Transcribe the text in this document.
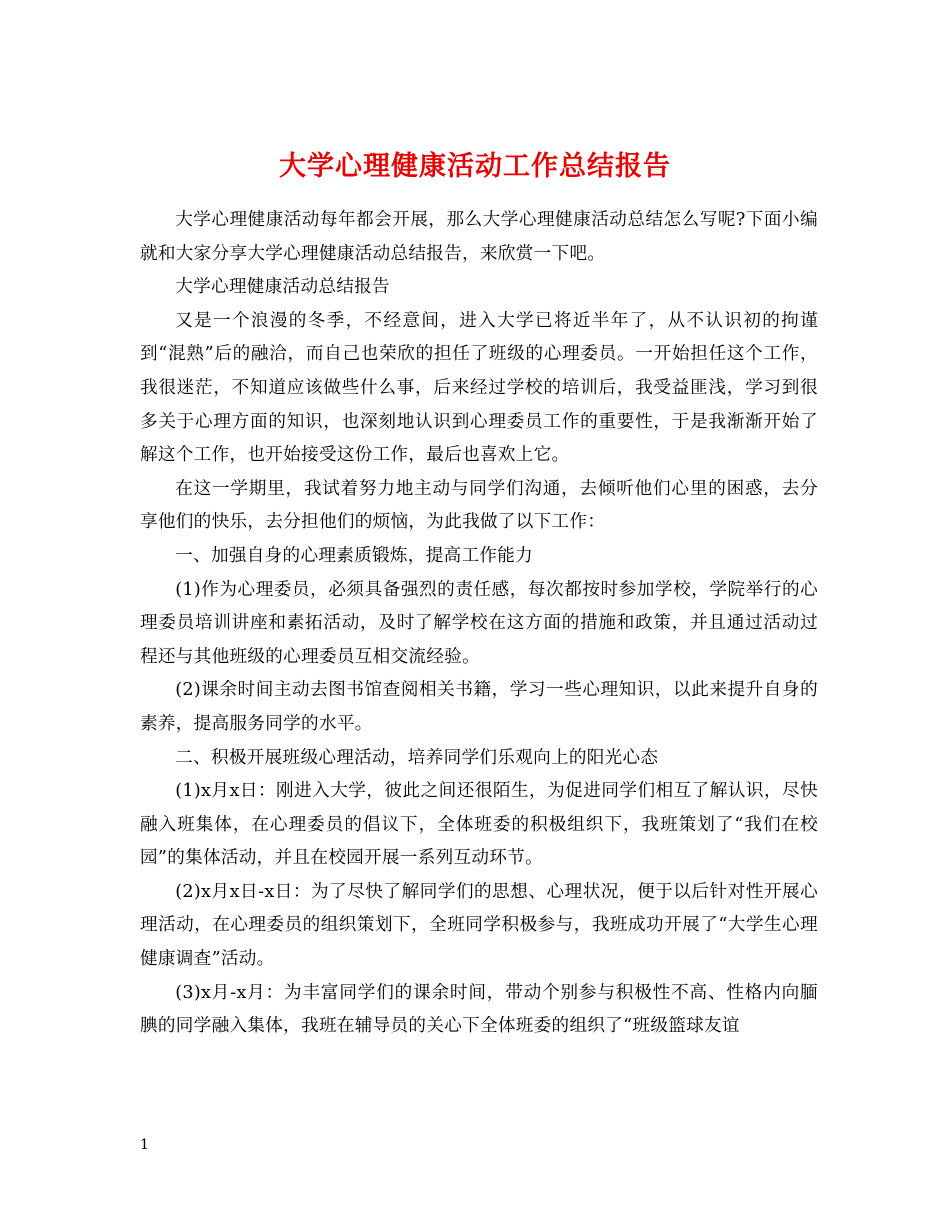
大学心理健康活动工作总结报告

大学心理健康活动每年都会开展，那么大学心理健康活动总结怎么写呢?下面小编就和大家分享大学心理健康活动总结报告，来欣赏一下吧。

大学心理健康活动总结报告

又是一个浪漫的冬季，不经意间，进入大学已将近半年了，从不认识初的拘谨到“混熟”后的融洽，而自己也荣欣的担任了班级的心理委员。一开始担任这个工作，我很迷茫，不知道应该做些什么事，后来经过学校的培训后，我受益匪浅，学习到很多关于心理方面的知识，也深刻地认识到心理委员工作的重要性，于是我渐渐开始了解这个工作，也开始接受这份工作，最后也喜欢上它。

在这一学期里，我试着努力地主动与同学们沟通，去倾听他们心里的困惑，去分享他们的快乐，去分担他们的烦恼，为此我做了以下工作：

一、加强自身的心理素质锻炼，提高工作能力

(1)作为心理委员，必须具备强烈的责任感，每次都按时参加学校，学院举行的心理委员培训讲座和素拓活动，及时了解学校在这方面的措施和政策，并且通过活动过程还与其他班级的心理委员互相交流经验。

(2)课余时间主动去图书馆查阅相关书籍，学习一些心理知识，以此来提升自身的素养，提高服务同学的水平。

二、积极开展班级心理活动，培养同学们乐观向上的阳光心态

(1)x月x日：刚进入大学，彼此之间还很陌生，为促进同学们相互了解认识，尽快融入班集体，在心理委员的倡议下，全体班委的积极组织下，我班策划了“我们在校园”的集体活动，并且在校园开展一系列互动环节。

(2)x月x日-x日：为了尽快了解同学们的思想、心理状况，便于以后针对性开展心理活动，在心理委员的组织策划下，全班同学积极参与，我班成功开展了“大学生心理健康调查”活动。

(3)x月-x月：为丰富同学们的课余时间，带动个别参与积极性不高、性格内向腼腆的同学融入集体，我班在辅导员的关心下全体班委的组织了“班级篮球友谊

1
